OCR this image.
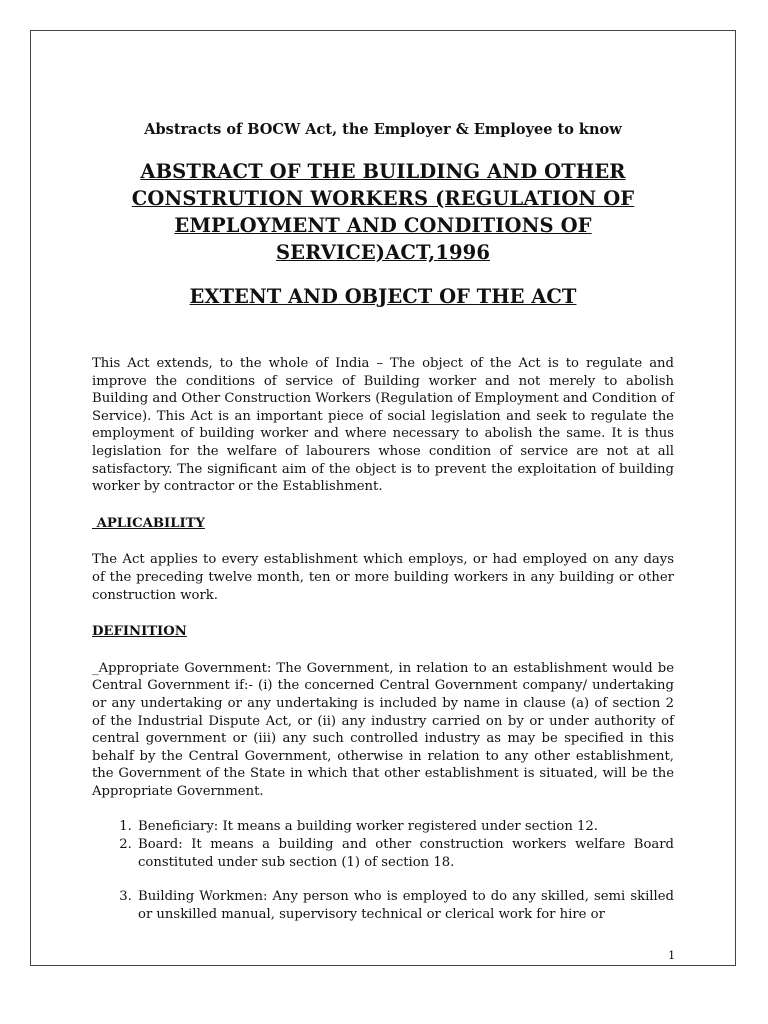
Abstracts of BOCW Act, the Employer & Employee to know

ABSTRACT OF THE BUILDING AND OTHER
CONSTRUTION WORKERS (REGULATION OF
EMPLOYMENT AND CONDITIONS OF
SERVICE)ACT,1996
EXTENT AND OBJECT OF THE ACT

This Act extends, to the whole of India – The object of the Act is to regulate and improve the conditions of service of Building worker and not merely to abolish Building and Other Construction Workers (Regulation of Employment and Condition of Service). This Act is an important piece of social legislation and seek to regulate the employment of building worker and where necessary to abolish the same. It is thus legislation for the welfare of labourers whose condition of service are not at all satisfactory. The significant aim of the object is to prevent the exploitation of building worker by contractor or the Establishment.

APLICABILITY

The Act applies to every establishment which employs, or had employed on any days of the preceding twelve month, ten or more building workers in any building or other construction work.

DEFINITION

_Appropriate Government: The Government, in relation to an establishment would be Central Government if:- (i) the concerned Central Government company/ undertaking or any undertaking or any undertaking is included by name in clause (a) of section 2 of the Industrial Dispute Act, or (ii) any industry carried on by or under authority of central government or (iii) any such controlled industry as may be specified in this behalf by the Central Government, otherwise in relation to any other establishment, the Government of the State in which that other establishment is situated, will be the Appropriate Government.

1. Beneficiary: It means a building worker registered under section 12.
2. Board: It means a building and other construction workers welfare Board constituted under sub section (1) of section 18.
3. Building Workmen: Any person who is employed to do any skilled, semi skilled or unskilled manual, supervisory technical or clerical work for hire or
1
